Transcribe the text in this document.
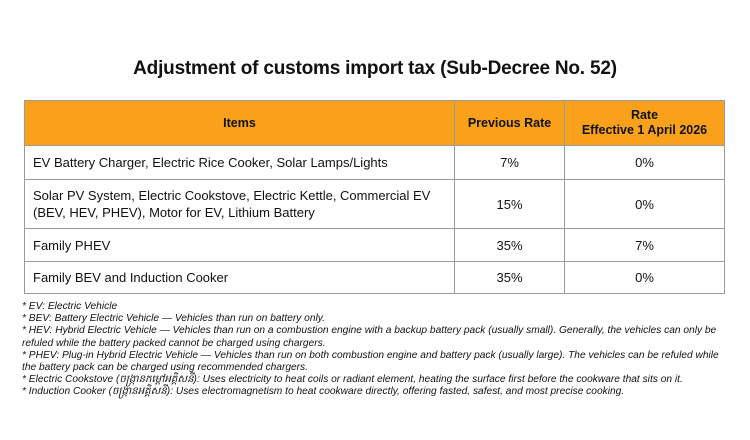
Adjustment of customs import tax (Sub-Decree No. 52)
Items	Previous Rate	Rate
Effective 1 April 2026

EV Battery Charger, Electric Rice Cooker, Solar Lamps/Lights	7%	0%
Solar PV System, Electric Cookstove, Electric Kettle, Commercial EV (BEV, HEV, PHEV), Motor for EV, Lithium Battery	15%	0%
Family PHEV	35%	7%
Family BEV and Induction Cooker	35%	0%
* EV: Electric Vehicle
* BEV: Battery Electric Vehicle — Vehicles than run on battery only.
* HEV: Hybrid Electric Vehicle — Vehicles than run on a combustion engine with a backup battery pack (usually small). Generally, the vehicles can only be refuled while the battery packed cannot be charged using chargers.
* PHEV: Plug-in Hybrid Electric Vehicle — Vehicles than run on both combustion engine and battery pack (usually large). The vehicles can be refuled while the battery pack can be charged using recommended chargers.
* Electric Cookstove (ចង្ក្រានកម្តៅអគ្គិសនី): Uses electricity to heat coils or radiant element, heating the surface first before the cookware that sits on it.
* Induction Cooker (ចង្ក្រានអគ្គិសនី): Uses electromagnetism to heat cookware directly, offering fasted, safest, and most precise cooking.
